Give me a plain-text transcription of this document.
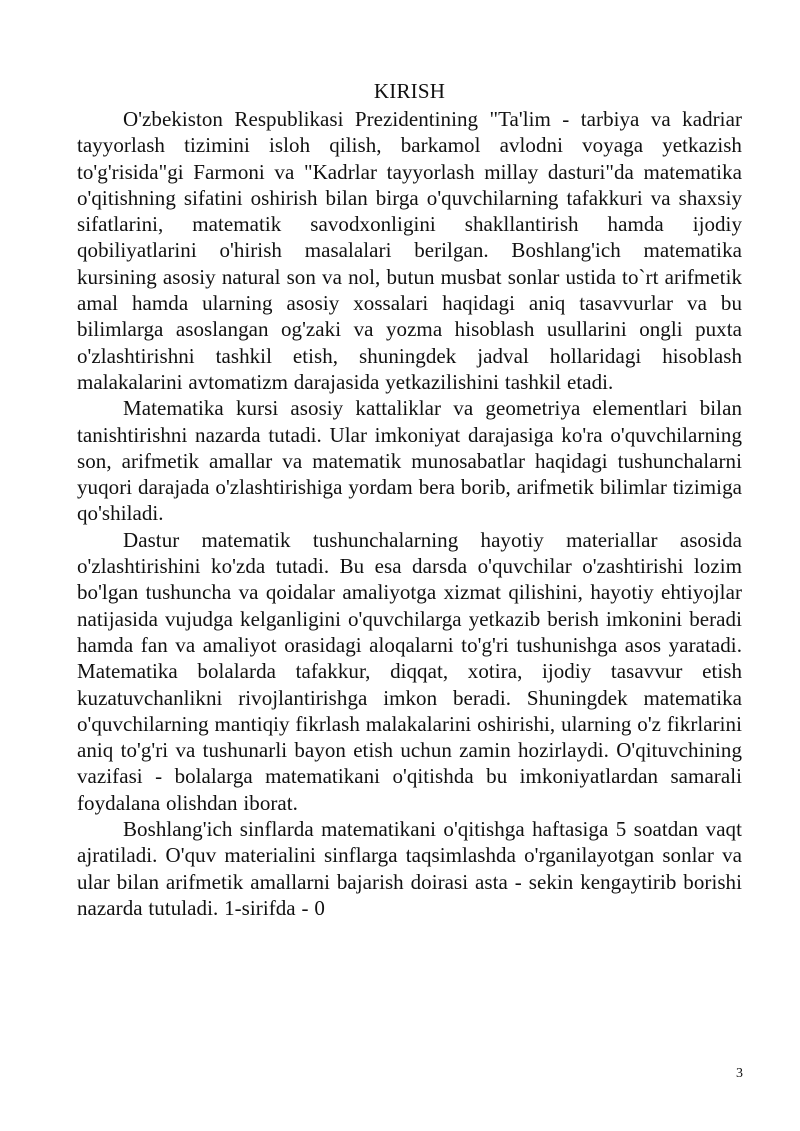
KIRISH

O'zbekiston Respublikasi Prezidentining "Ta'lim - tarbiya va kadriar tayyorlash tizimini isloh qilish, barkamol avlodni voyaga yetkazish to'g'risida"gi Farmoni va "Kadrlar tayyorlash millay dasturi"da matematika o'qitishning sifatini oshirish bilan birga o'quvchilarning tafakkuri va shaxsiy sifatlarini, matematik savodxonligini shakllantirish hamda ijodiy qobiliyatlarini o'hirish masalalari berilgan. Boshlang'ich matematika kursining asosiy natural son va nol, butun musbat sonlar ustida to`rt arifmetik amal hamda ularning asosiy xossalari haqidagi aniq tasavvurlar va bu bilimlarga asoslangan og'zaki va yozma hisoblash usullarini ongli puxta o'zlashtirishni tashkil etish, shuningdek jadval hollaridagi hisoblash malakalarini avtomatizm darajasida yetkazilishini tashkil etadi.

Matematika kursi asosiy kattaliklar va geometriya elementlari bilan tanishtirishni nazarda tutadi. Ular imkoniyat darajasiga ko'ra o'quvchilarning son, arifmetik amallar va matematik munosabatlar haqidagi tushunchalarni yuqori darajada o'zlashtirishiga yordam bera borib, arifmetik bilimlar tizimiga qo'shiladi.

Dastur matematik tushunchalarning hayotiy materiallar asosida o'zlashtirishini ko'zda tutadi. Bu esa darsda o'quvchilar o'zashtirishi lozim bo'lgan tushuncha va qoidalar amaliyotga xizmat qilishini, hayotiy ehtiyojlar natijasida vujudga kelganligini o'quvchilarga yetkazib berish imkonini beradi hamda fan va amaliyot orasidagi aloqalarni to'g'ri tushunishga asos yaratadi. Matematika bolalarda tafakkur, diqqat, xotira, ijodiy tasavvur etish kuzatuvchanlikni rivojlantirishga imkon beradi. Shuningdek matematika o'quvchilarning mantiqiy fikrlash malakalarini oshirishi, ularning o'z fikrlarini aniq to'g'ri va tushunarli bayon etish uchun zamin hozirlaydi. O'qituvchining vazifasi - bolalarga matematikani o'qitishda bu imkoniyatlardan samarali foydalana olishdan iborat.

Boshlang'ich sinflarda matematikani o'qitishga haftasiga 5 soatdan vaqt ajratiladi. O'quv materialini sinflarga taqsimlashda o'rganilayotgan sonlar va ular bilan arifmetik amallarni bajarish doirasi asta - sekin kengaytirib borishi nazarda tutuladi. 1-sirifda - 0

3
